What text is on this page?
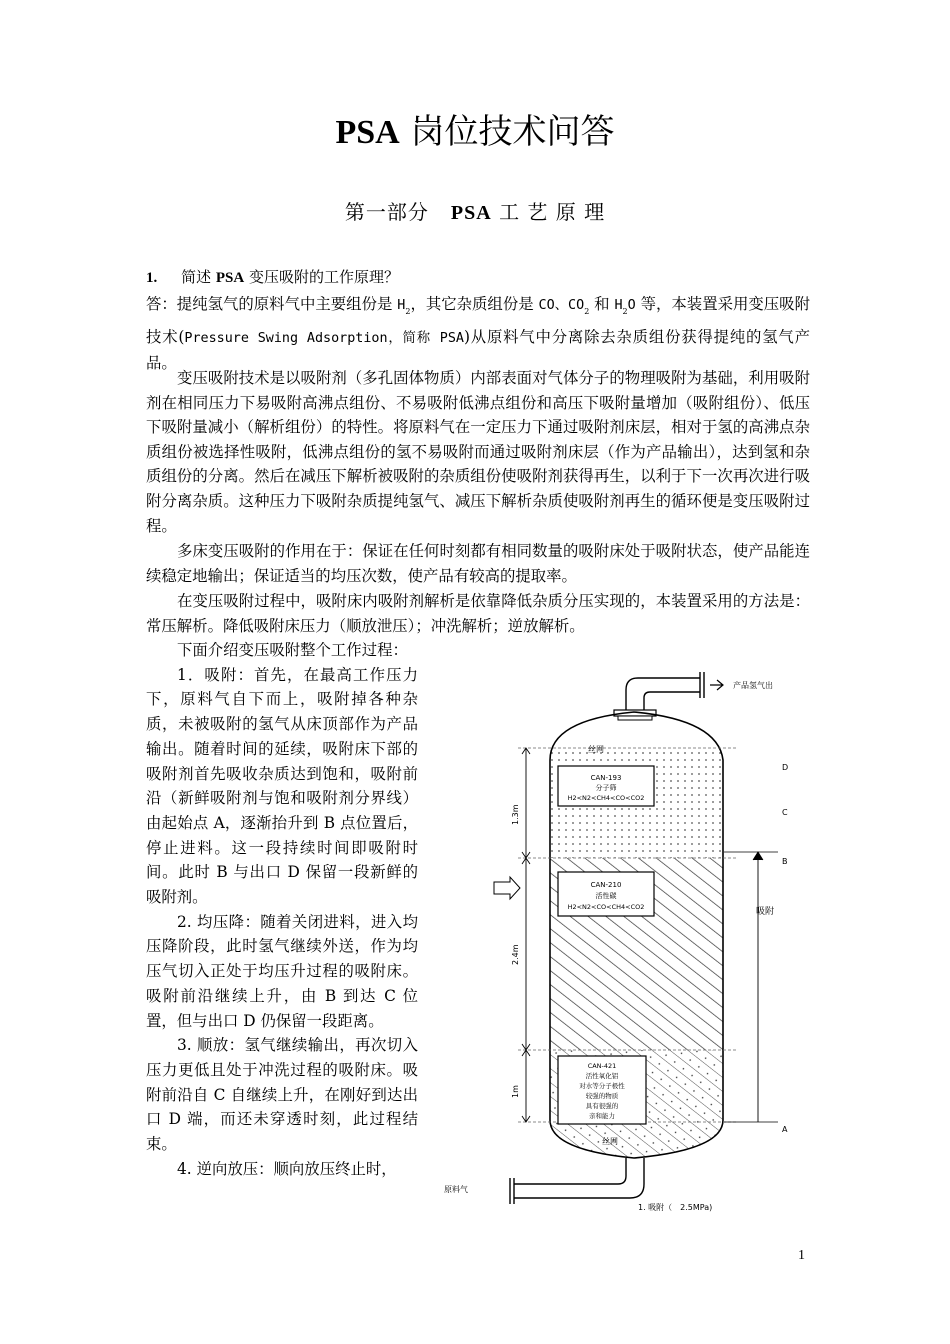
PSA 岗位技术问答
第一部分 PSA 工 艺 原 理
1. 简述 PSA 变压吸附的工作原理？
答：提纯氢气的原料气中主要组份是 $H_2$，其它杂质组份是 CO、$CO_2$ 和 $H_2O$ 等，本装置采用变压吸附技术(Pressure Swing Adsorption，简称 PSA)从原料气中分离除去杂质组份获得提纯的氢气产品。
变压吸附技术是以吸附剂（多孔固体物质）内部表面对气体分子的物理吸附为基础，利用吸附剂在相同压力下易吸附高沸点组份、不易吸附低沸点组份和高压下吸附量增加（吸附组份）、低压下吸附量减小（解析组份）的特性。将原料气在一定压力下通过吸附剂床层，相对于氢的高沸点杂质组份被选择性吸附，低沸点组份的氢不易吸附而通过吸附剂床层（作为产品输出），达到氢和杂质组份的分离。然后在减压下解析被吸附的杂质组份使吸附剂获得再生，以利于下一次再次进行吸附分离杂质。这种压力下吸附杂质提纯氢气、减压下解析杂质使吸附剂再生的循环便是变压吸附过程。
多床变压吸附的作用在于：保证在任何时刻都有相同数量的吸附床处于吸附状态，使产品能连续稳定地输出；保证适当的均压次数，使产品有较高的提取率。
在变压吸附过程中，吸附床内吸附剂解析是依靠降低杂质分压实现的，本装置采用的方法是：常压解析。降低吸附床压力（顺放泄压）；冲洗解析；逆放解析。

下面介绍变压吸附整个工作过程：

1．吸附：首先，在最高工作压力下，原料气自下而上，吸附掉各种杂质，未被吸附的氢气从床顶部作为产品输出。随着时间的延续，吸附床下部的吸附剂首先吸收杂质达到饱和，吸附前沿（新鲜吸附剂与饱和吸附剂分界线）由起始点 A，逐渐抬升到 B 点位置后，停止进料。这一段持续时间即吸附时间。此时 B 与出口 D 保留一段新鲜的吸附剂。

2. 均压降：随着关闭进料，进入均压降阶段，此时氢气继续外送，作为均压气切入正处于均压升过程的吸附床。吸附前沿继续上升，由 B 到达 C 位置，但与出口 D 仍保留一段距离。

3. 顺放：氢气继续输出，再次切入压力更低且处于冲洗过程的吸附床。吸附前沿自 C 自继续上升，在刚好到达出口 D 端，而还未穿透时刻，此过程结束。

4. 逆向放压：顺向放压终止时，

产品氢气出
丝网
丝网
CAN-193
分子筛
H2<N2<CH4<CO<CO2
CAN-210
活性碳
H2<N2<CO<CH4<CO2
CAN-421
活性氧化铝
对水等分子极性
较强的物质
具有很强的
亲和能力
1.3m
2.4m
1m
D
C
B
A
吸附
原料气
1. 吸附（　2.5MPa)
1
